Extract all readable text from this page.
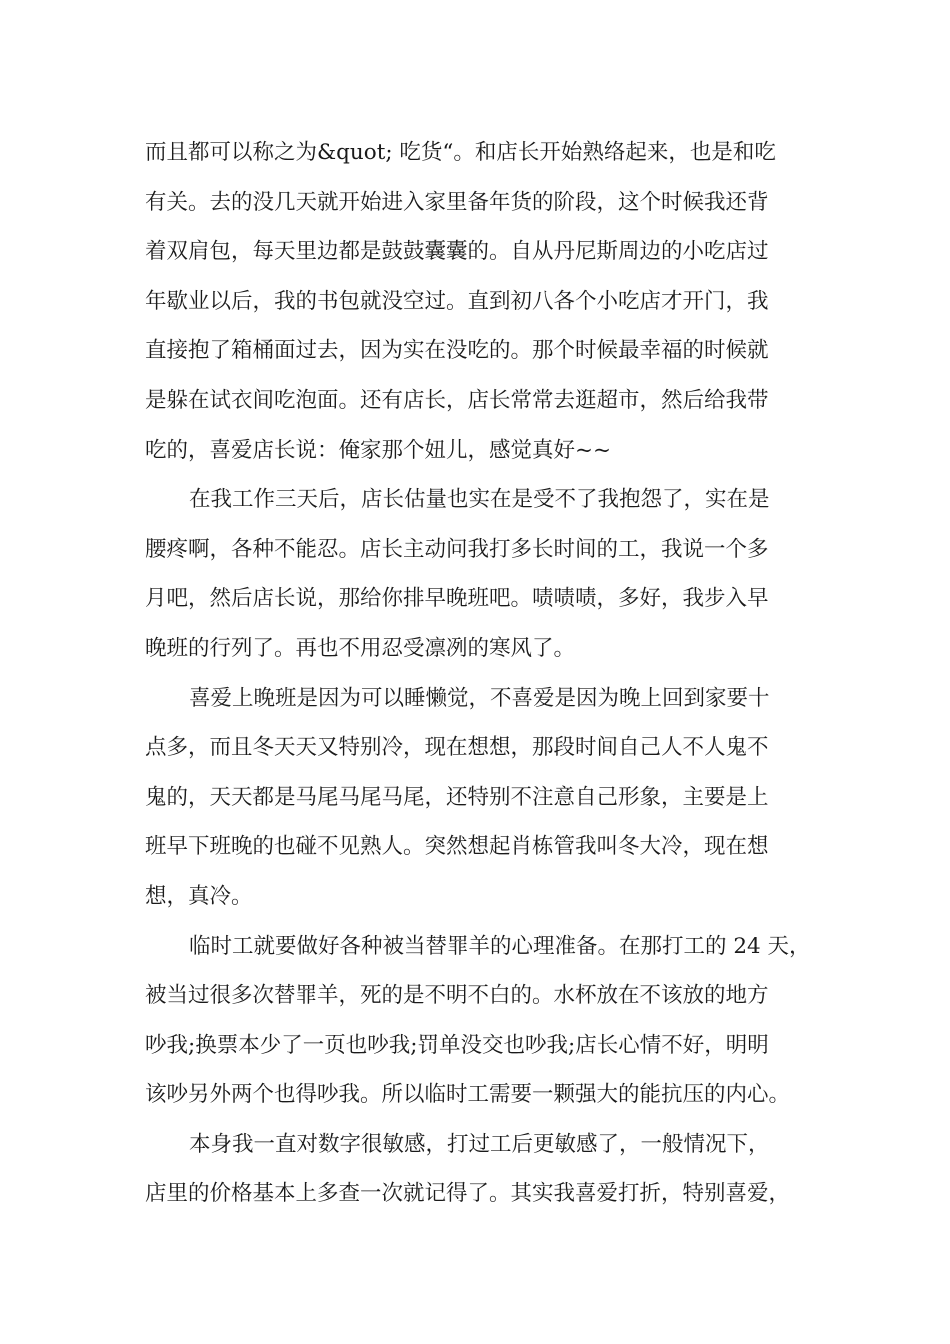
而且都可以称之为&quot; 吃货“。和店长开始熟络起来，也是和吃
有关。去的没几天就开始进入家里备年货的阶段，这个时候我还背
着双肩包，每天里边都是鼓鼓囊囊的。自从丹尼斯周边的小吃店过
年歇业以后，我的书包就没空过。直到初八各个小吃店才开门，我
直接抱了箱桶面过去，因为实在没吃的。那个时候最幸福的时候就
是躲在试衣间吃泡面。还有店长，店长常常去逛超市，然后给我带
吃的，喜爱店长说：俺家那个妞儿，感觉真好~~
在我工作三天后，店长估量也实在是受不了我抱怨了，实在是
腰疼啊，各种不能忍。店长主动问我打多长时间的工，我说一个多
月吧，然后店长说，那给你排早晚班吧。啧啧啧，多好，我步入早
晚班的行列了。再也不用忍受凛冽的寒风了。
喜爱上晚班是因为可以睡懒觉，不喜爱是因为晚上回到家要十
点多，而且冬天天又特别冷，现在想想，那段时间自己人不人鬼不
鬼的，天天都是马尾马尾马尾，还特别不注意自己形象，主要是上
班早下班晚的也碰不见熟人。突然想起肖栋管我叫冬大冷，现在想
想，真冷。
临时工就要做好各种被当替罪羊的心理准备。在那打工的 24 天，
被当过很多次替罪羊，死的是不明不白的。水杯放在不该放的地方
吵我;换票本少了一页也吵我;罚单没交也吵我;店长心情不好，明明
该吵另外两个也得吵我。所以临时工需要一颗强大的能抗压的内心。
本身我一直对数字很敏感，打过工后更敏感了，一般情况下，
店里的价格基本上多查一次就记得了。其实我喜爱打折，特别喜爱，
